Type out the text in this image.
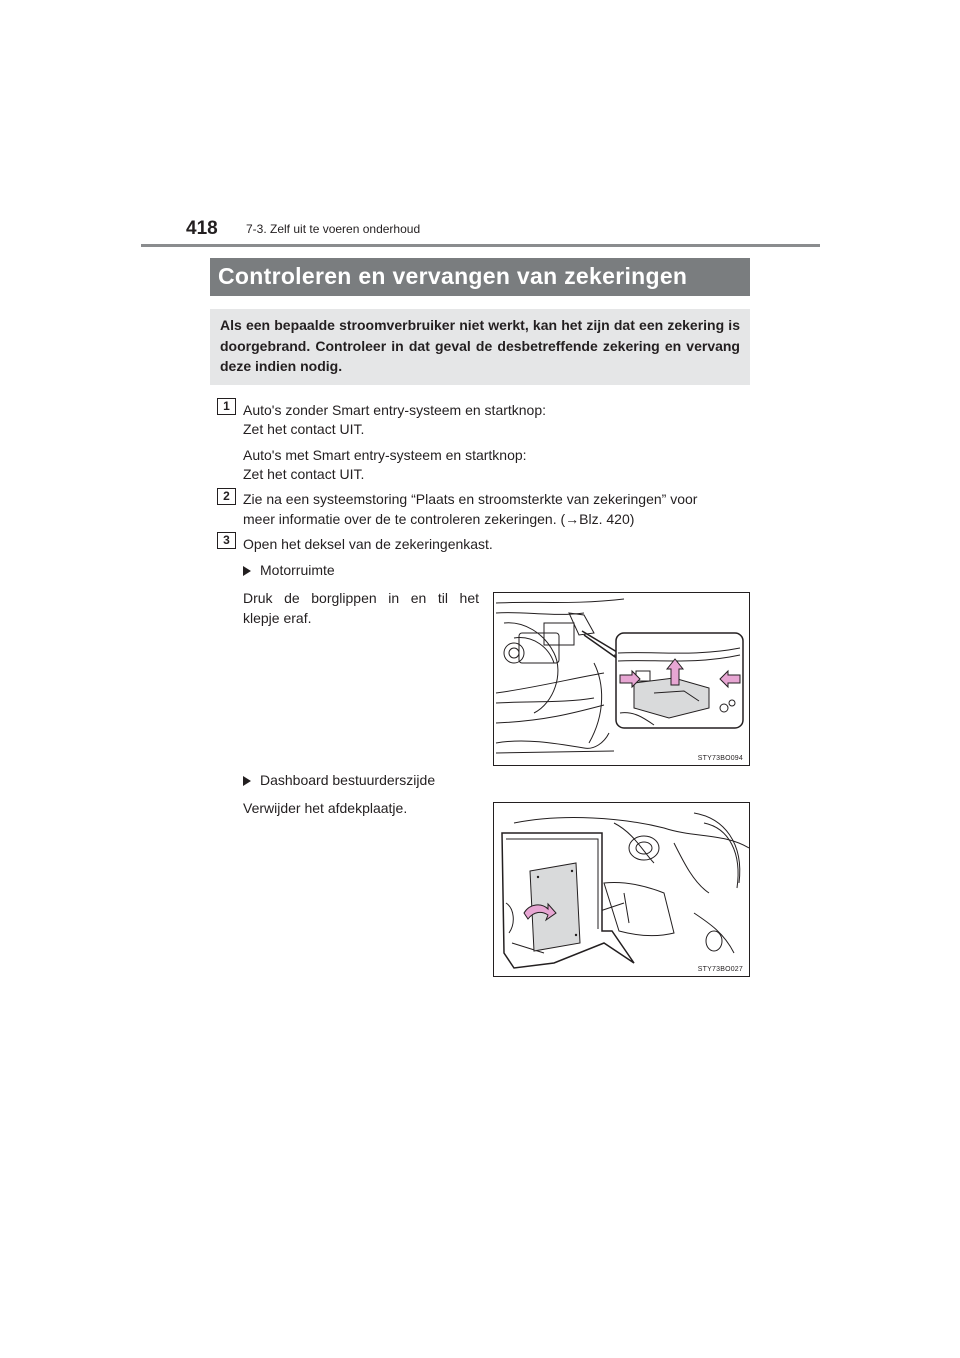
418 7-3. Zelf uit te voeren onderhoud
Controleren en vervangen van zekeringen
Als een bepaalde stroomverbruiker niet werkt, kan het zijn dat een zekering is doorgebrand. Controleer in dat geval de desbetreffende zekering en vervang deze indien nodig.
1 Auto's zonder Smart entry-systeem en startknop:
Zet het contact UIT.
Auto's met Smart entry-systeem en startknop:
Zet het contact UIT.
2 Zie na een systeemstoring “Plaats en stroomsterkte van zekeringen” voor
meer informatie over de te controleren zekeringen. (→Blz. 420)
3 Open het deksel van de zekeringenkast.
Motorruimte
Druk de borglippen in en til het
klepje eraf.
STY73BO094
Dashboard bestuurderszijde
Verwijder het afdekplaatje.
STY73BO027
